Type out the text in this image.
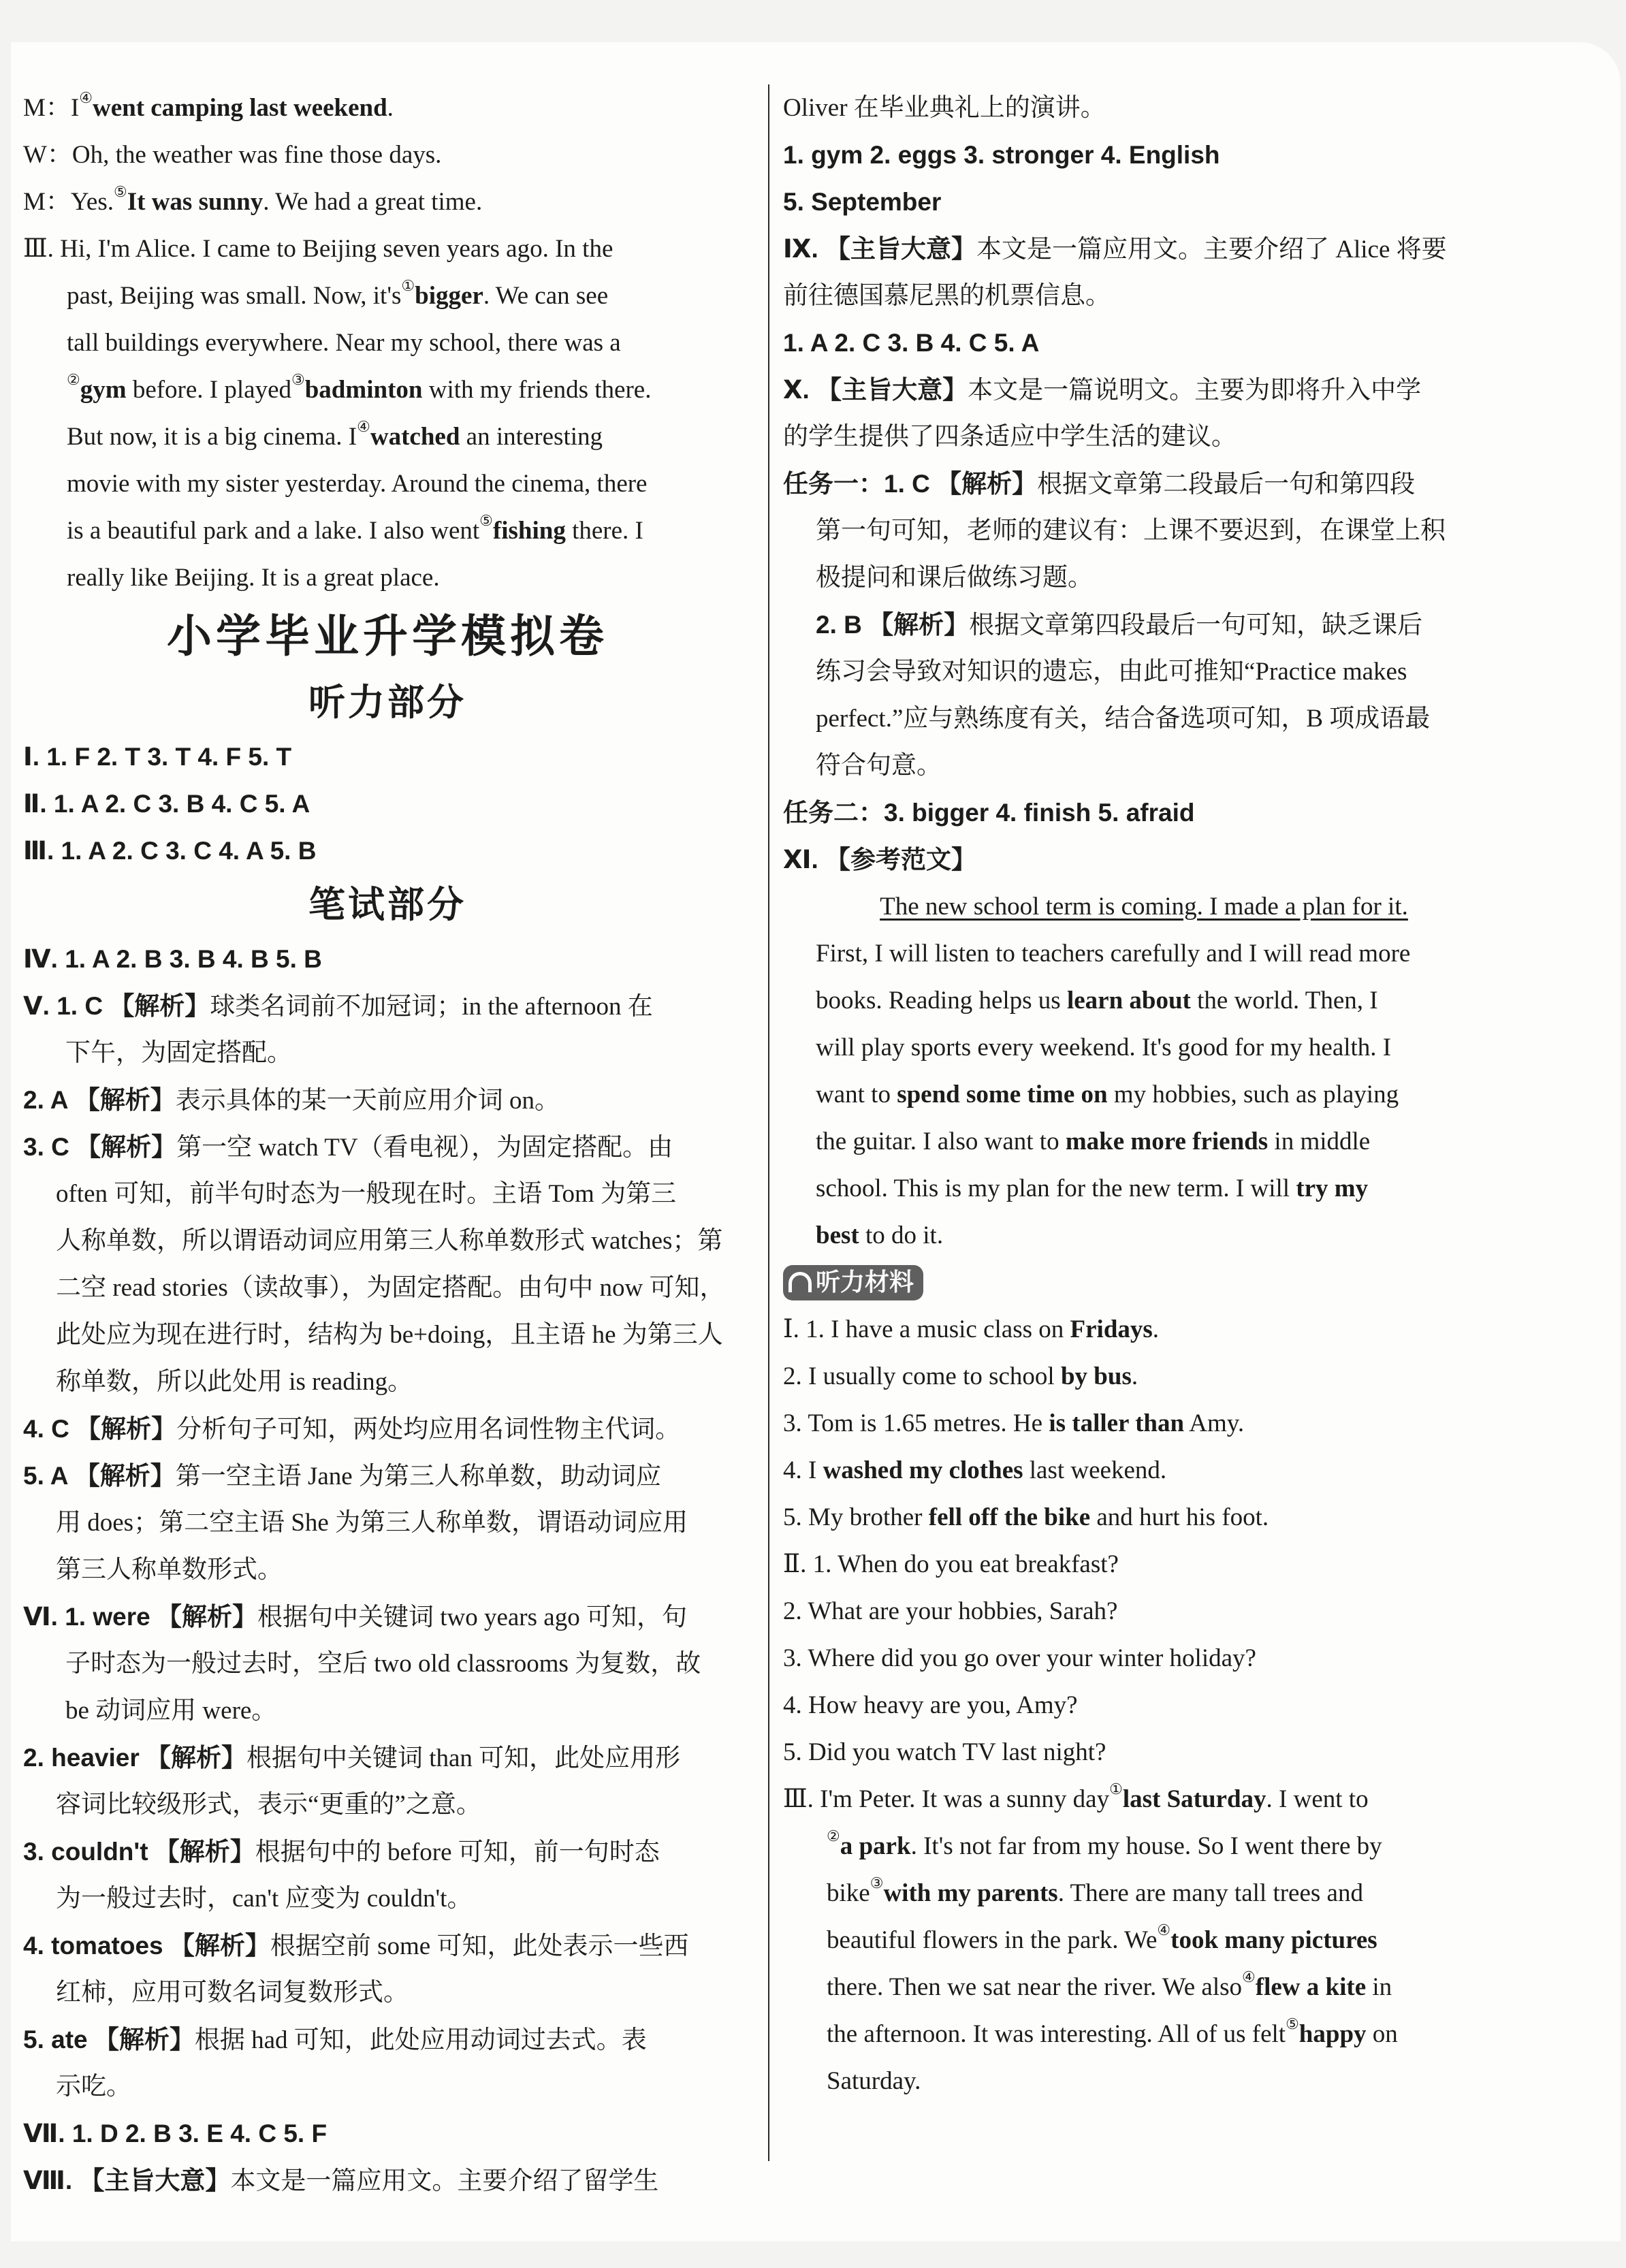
M：I④went camping last weekend.
W：Oh, the weather was fine those days.
M：Yes.⑤It was sunny. We had a great time.
Ⅲ. Hi, I'm Alice. I came to Beijing seven years ago. In the
past, Beijing was small. Now, it's①bigger. We can see
tall buildings everywhere. Near my school, there was a
②gym before. I played③badminton with my friends there.
But now, it is a big cinema. I④watched an interesting
movie with my sister yesterday. Around the cinema, there
is a beautiful park and a lake. I also went⑤fishing there. I
really like Beijing. It is a great place.
小学毕业升学模拟卷
听力部分
Ⅰ. 1. F 2. T 3. T 4. F 5. T
Ⅱ. 1. A 2. C 3. B 4. C 5. A
Ⅲ. 1. A 2. C 3. C 4. A 5. B
笔试部分
Ⅳ. 1. A 2. B 3. B 4. B 5. B
Ⅴ. 1. C 【解析】球类名词前不加冠词；in the afternoon 在
下午，为固定搭配。
2. A 【解析】表示具体的某一天前应用介词 on。
3. C 【解析】第一空 watch TV（看电视），为固定搭配。由
often 可知，前半句时态为一般现在时。主语 Tom 为第三
人称单数，所以谓语动词应用第三人称单数形式 watches；第
二空 read stories（读故事），为固定搭配。由句中 now 可知，
此处应为现在进行时，结构为 be+doing，且主语 he 为第三人
称单数，所以此处用 is reading。
4. C 【解析】分析句子可知，两处均应用名词性物主代词。
5. A 【解析】第一空主语 Jane 为第三人称单数，助动词应
用 does；第二空主语 She 为第三人称单数，谓语动词应用
第三人称单数形式。
Ⅵ. 1. were 【解析】根据句中关键词 two years ago 可知，句
子时态为一般过去时，空后 two old classrooms 为复数，故
be 动词应用 were。
2. heavier 【解析】根据句中关键词 than 可知，此处应用形
容词比较级形式，表示“更重的”之意。
3. couldn't 【解析】根据句中的 before 可知，前一句时态
为一般过去时，can't 应变为 couldn't。
4. tomatoes 【解析】根据空前 some 可知，此处表示一些西
红柿，应用可数名词复数形式。
5. ate 【解析】根据 had 可知，此处应用动词过去式。表
示吃。
Ⅶ. 1. D 2. B 3. E 4. C 5. F
Ⅷ. 【主旨大意】本文是一篇应用文。主要介绍了留学生
Oliver 在毕业典礼上的演讲。
1. gym 2. eggs 3. stronger 4. English
5. September
Ⅸ. 【主旨大意】本文是一篇应用文。主要介绍了 Alice 将要
前往德国慕尼黑的机票信息。
1. A 2. C 3. B 4. C 5. A
Ⅹ. 【主旨大意】本文是一篇说明文。主要为即将升入中学
的学生提供了四条适应中学生活的建议。
任务一：1. C 【解析】根据文章第二段最后一句和第四段
第一句可知，老师的建议有：上课不要迟到，在课堂上积
极提问和课后做练习题。
2. B 【解析】根据文章第四段最后一句可知，缺乏课后
练习会导致对知识的遗忘，由此可推知“Practice makes
perfect.”应与熟练度有关，结合备选项可知，B 项成语最
符合句意。
任务二：3. bigger 4. finish 5. afraid
Ⅺ. 【参考范文】
The new school term is coming. I made a plan for it.
First, I will listen to teachers carefully and I will read more
books. Reading helps us learn about the world. Then, I
will play sports every weekend. It's good for my health. I
want to spend some time on my hobbies, such as playing
the guitar. I also want to make more friends in middle
school. This is my plan for the new term. I will try my
best to do it.
听力材料
Ⅰ. 1. I have a music class on Fridays.
2. I usually come to school by bus.
3. Tom is 1.65 metres. He is taller than Amy.
4. I washed my clothes last weekend.
5. My brother fell off the bike and hurt his foot.
Ⅱ. 1. When do you eat breakfast?
2. What are your hobbies, Sarah?
3. Where did you go over your winter holiday?
4. How heavy are you, Amy?
5. Did you watch TV last night?
Ⅲ. I'm Peter. It was a sunny day①last Saturday. I went to
②a park. It's not far from my house. So I went there by
bike③with my parents. There are many tall trees and
beautiful flowers in the park. We④took many pictures
there. Then we sat near the river. We also④flew a kite in
the afternoon. It was interesting. All of us felt⑤happy on
Saturday.
